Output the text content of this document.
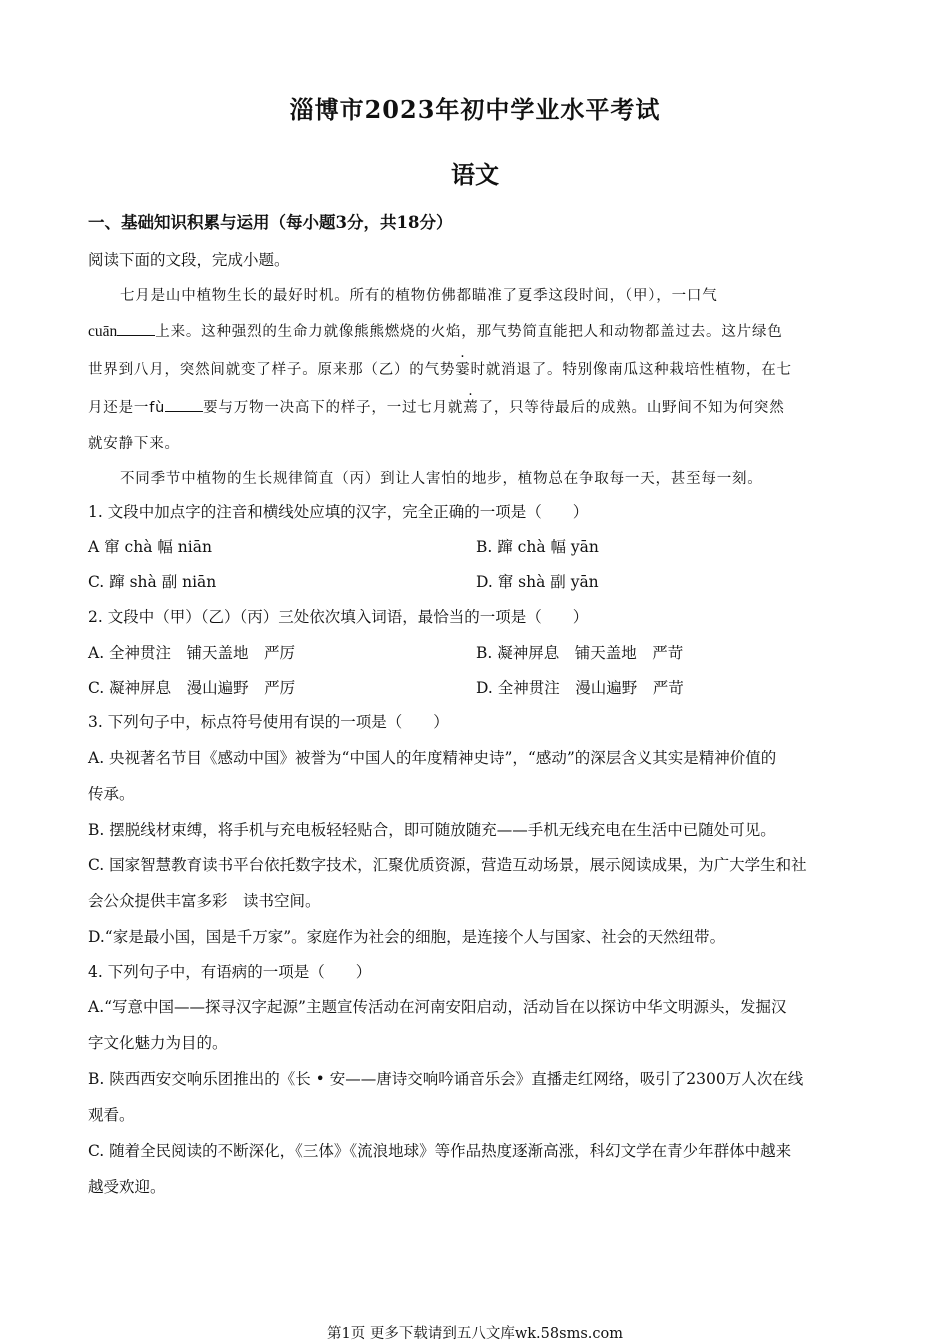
淄博市2023年初中学业水平考试
语文
一、基础知识积累与运用（每小题3分，共18分）
阅读下面的文段，完成小题。
七月是山中植物生长的最好时机。所有的植物仿佛都瞄准了夏季这段时间，（甲），一口气
cuān	上来。这种强烈的生命力就像熊熊燃烧的火焰，那气势简直能把人和动物都盖过去。这片绿色
世界到八月，突然间就变了样子。原来那（乙）的气势霎时就消退了。特别像南瓜这种栽培性植物，在七
月还是一fù	要与万物一决高下的样子，一过七月就蔫了，只等待最后的成熟。山野间不知为何突然
就安静下来。
不同季节中植物的生长规律简直（丙）到让人害怕的地步，植物总在争取每一天，甚至每一刻。
1. 文段中加点字的注音和横线处应填的汉字，完全正确的一项是（　　）
A 窜 chà 幅 niān	B. 蹿 chà 幅 yān
C. 蹿 shà 副 niān	D. 窜 shà 副 yān
2. 文段中（甲）（乙）（丙）三处依次填入词语，最恰当的一项是（　　）
A. 全神贯注　铺天盖地　严厉	B. 凝神屏息　铺天盖地　严苛
C. 凝神屏息　漫山遍野　严厉	D. 全神贯注　漫山遍野　严苛
3. 下列句子中，标点符号使用有误的一项是（　　）
A. 央视著名节目《感动中国》被誉为“中国人的年度精神史诗”，“感动”的深层含义其实是精神价值的
传承。
B. 摆脱线材束缚，将手机与充电板轻轻贴合，即可随放随充——手机无线充电在生活中已随处可见。
C. 国家智慧教育读书平台依托数字技术，汇聚优质资源，营造互动场景，展示阅读成果，为广大学生和社
会公众提供丰富多彩　读书空间。
D.“家是最小国，国是千万家”。家庭作为社会的细胞，是连接个人与国家、社会的天然纽带。
4. 下列句子中，有语病的一项是（　　）
A.“写意中国——探寻汉字起源”主题宣传活动在河南安阳启动，活动旨在以探访中华文明源头，发掘汉
字文化魅力为目的。
B. 陕西西安交响乐团推出的《长 • 安——唐诗交响吟诵音乐会》直播走红网络，吸引了2300万人次在线
观看。
C. 随着全民阅读的不断深化，《三体》《流浪地球》等作品热度逐渐高涨，科幻文学在青少年群体中越来
越受欢迎。
第1页 更多下载请到五八文库wk.58sms.com
